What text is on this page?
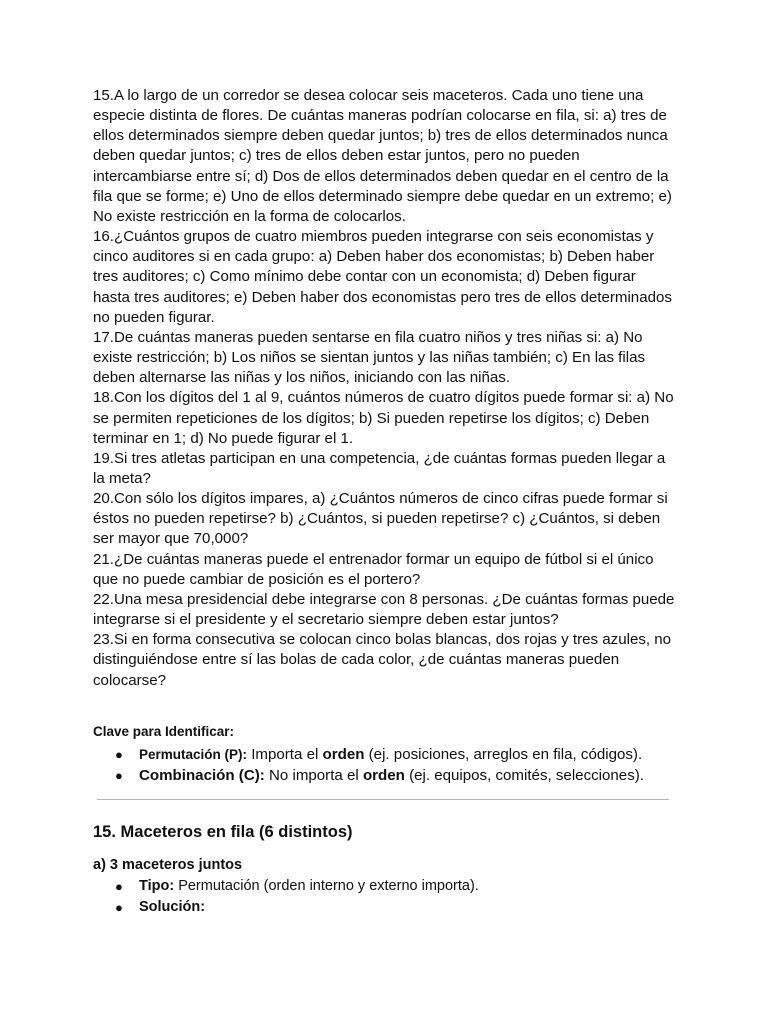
15.A lo largo de un corredor se desea colocar seis maceteros. Cada uno tiene una especie distinta de flores. De cuántas maneras podrían colocarse en fila, si: a) tres de ellos determinados siempre deben quedar juntos; b) tres de ellos determinados nunca deben quedar juntos; c) tres de ellos deben estar juntos, pero no pueden intercambiarse entre sí; d) Dos de ellos determinados deben quedar en el centro de la fila que se forme; e) Uno de ellos determinado siempre debe quedar en un extremo; e) No existe restricción en la forma de colocarlos.

16.¿Cuántos grupos de cuatro miembros pueden integrarse con seis economistas y cinco auditores si en cada grupo: a) Deben haber dos economistas; b) Deben haber tres auditores; c) Como mínimo debe contar con un economista; d) Deben figurar hasta tres auditores; e) Deben haber dos economistas pero tres de ellos determinados no pueden figurar.

17.De cuántas maneras pueden sentarse en fila cuatro niños y tres niñas si: a) No existe restricción; b) Los niños se sientan juntos y las niñas también; c) En las filas deben alternarse las niñas y los niños, iniciando con las niñas.

18.Con los dígitos del 1 al 9, cuántos números de cuatro dígitos puede formar si: a) No se permiten repeticiones de los dígitos; b) Si pueden repetirse los dígitos; c) Deben terminar en 1; d) No puede figurar el 1.

19.Si tres atletas participan en una competencia, ¿de cuántas formas pueden llegar a la meta?

20.Con sólo los dígitos impares, a) ¿Cuántos números de cinco cifras puede formar si éstos no pueden repetirse? b) ¿Cuántos, si pueden repetirse? c) ¿Cuántos, si deben ser mayor que 70,000?

21.¿De cuántas maneras puede el entrenador formar un equipo de fútbol si el único que no puede cambiar de posición es el portero?

22.Una mesa presidencial debe integrarse con 8 personas. ¿De cuántas formas puede integrarse si el presidente y el secretario siempre deben estar juntos?

23.Si en forma consecutiva se colocan cinco bolas blancas, dos rojas y tres azules, no distinguiéndose entre sí las bolas de cada color, ¿de cuántas maneras pueden colocarse?

Clave para Identificar:

● Permutación (P): Importa el orden (ej. posiciones, arreglos en fila, códigos).
● Combinación (C): No importa el orden (ej. equipos, comités, selecciones).
15. Maceteros en fila (6 distintos)
a) 3 maceteros juntos
● Tipo: Permutación (orden interno y externo importa).
● Solución:
